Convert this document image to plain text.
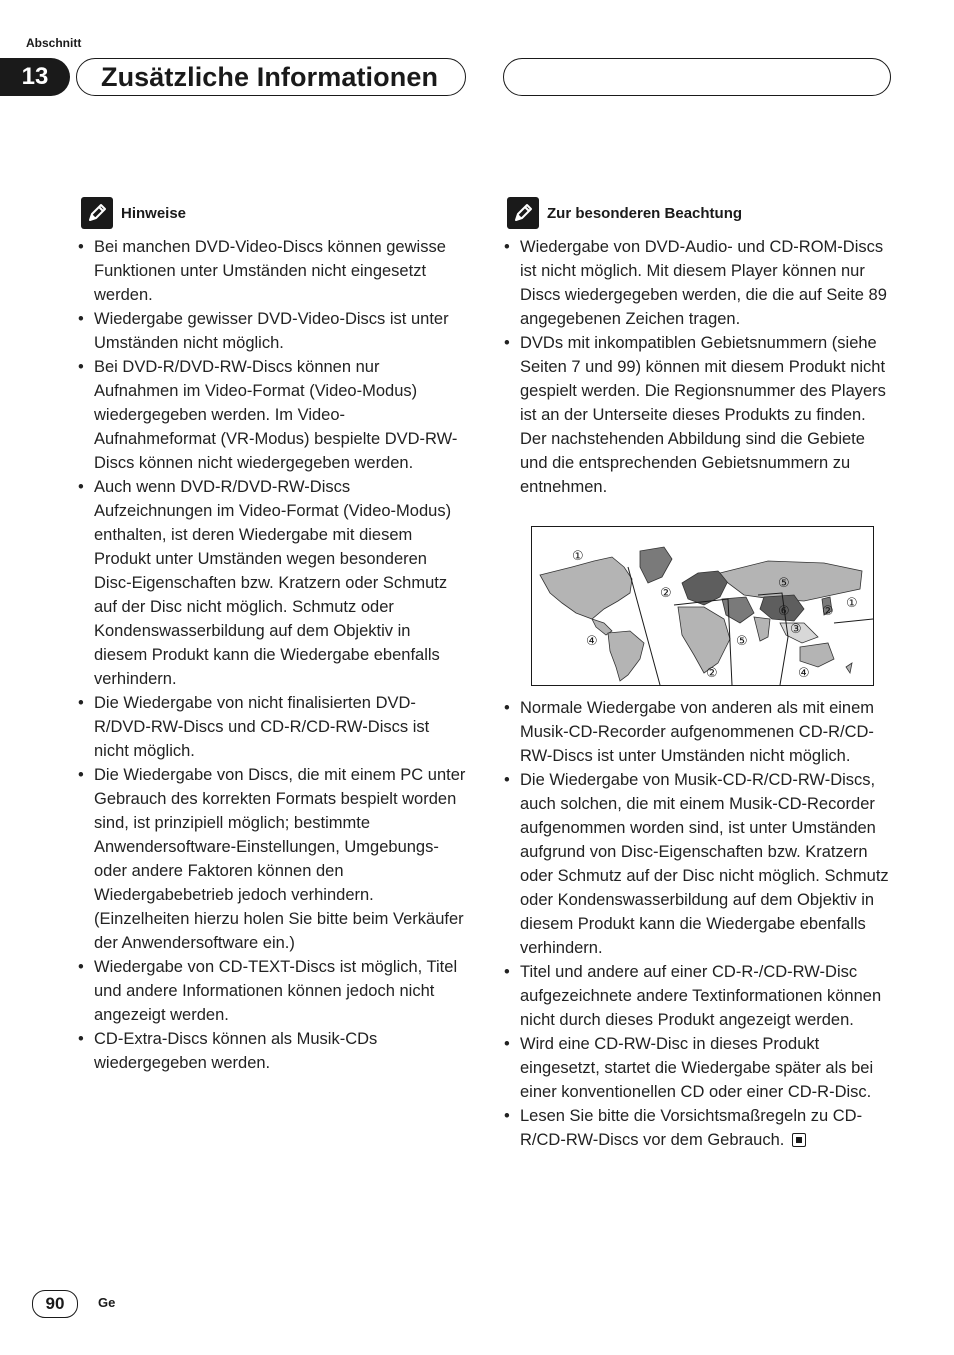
Abschnitt
13	Zusätzliche Informationen
Hinweise
• Bei manchen DVD-Video-Discs können gewisse Funktionen unter Umständen nicht eingesetzt werden.
• Wiedergabe gewisser DVD-Video-Discs ist unter Umständen nicht möglich.
• Bei DVD-R/DVD-RW-Discs können nur Aufnahmen im Video-Format (Video-Modus) wiedergegeben werden. Im Video-Aufnahmeformat (VR-Modus) bespielte DVD-RW-Discs können nicht wiedergegeben werden.
• Auch wenn DVD-R/DVD-RW-Discs Aufzeichnungen im Video-Format (Video-Modus) enthalten, ist deren Wiedergabe mit diesem Produkt unter Umständen wegen besonderen Disc-Eigenschaften bzw. Kratzern oder Schmutz auf der Disc nicht möglich. Schmutz oder Kondenswasserbildung auf dem Objektiv in diesem Produkt kann die Wiedergabe ebenfalls verhindern.
• Die Wiedergabe von nicht finalisierten DVD-R/DVD-RW-Discs und CD-R/CD-RW-Discs ist nicht möglich.
• Die Wiedergabe von Discs, die mit einem PC unter Gebrauch des korrekten Formats bespielt worden sind, ist prinzipiell möglich; bestimmte Anwendersoftware-Einstellungen, Umgebungs- oder andere Faktoren können den Wiedergabebetrieb jedoch verhindern. (Einzelheiten hierzu holen Sie bitte beim Verkäufer der Anwendersoftware ein.)
• Wiedergabe von CD-TEXT-Discs ist möglich, Titel und andere Informationen können jedoch nicht angezeigt werden.
• CD-Extra-Discs können als Musik-CDs wiedergegeben werden.
Zur besonderen Beachtung
• Wiedergabe von DVD-Audio- und CD-ROM-Discs ist nicht möglich. Mit diesem Player können nur Discs wiedergegeben werden, die die auf Seite 89 angegebenen Zeichen tragen.
• DVDs mit inkompatiblen Gebietsnummern (siehe Seiten 7 und 99) können mit diesem Produkt nicht gespielt werden. Die Regionsnummer des Players ist an der Unterseite dieses Produkts zu finden.
Der nachstehenden Abbildung sind die Gebiete und die entsprechenden Gebietsnummern zu entnehmen.
①
②
④
⑤
⑥ ②
①
③
⑤
②	④
• Normale Wiedergabe von anderen als mit einem Musik-CD-Recorder aufgenommenen CD-R/CD-RW-Discs ist unter Umständen nicht möglich.
• Die Wiedergabe von Musik-CD-R/CD-RW-Discs, auch solchen, die mit einem Musik-CD-Recorder aufgenommen worden sind, ist unter Umständen aufgrund von Disc-Eigenschaften bzw. Kratzern oder Schmutz auf der Disc nicht möglich. Schmutz oder Kondenswasserbildung auf dem Objektiv in diesem Produkt kann die Wiedergabe ebenfalls verhindern.
• Titel und andere auf einer CD-R-/CD-RW-Disc aufgezeichnete andere Textinformationen können nicht durch dieses Produkt angezeigt werden.
• Wird eine CD-RW-Disc in dieses Produkt eingesetzt, startet die Wiedergabe später als bei einer konventionellen CD oder einer CD-R-Disc.
• Lesen Sie bitte die Vorsichtsmaßregeln zu CD-R/CD-RW-Discs vor dem Gebrauch.
90	Ge
